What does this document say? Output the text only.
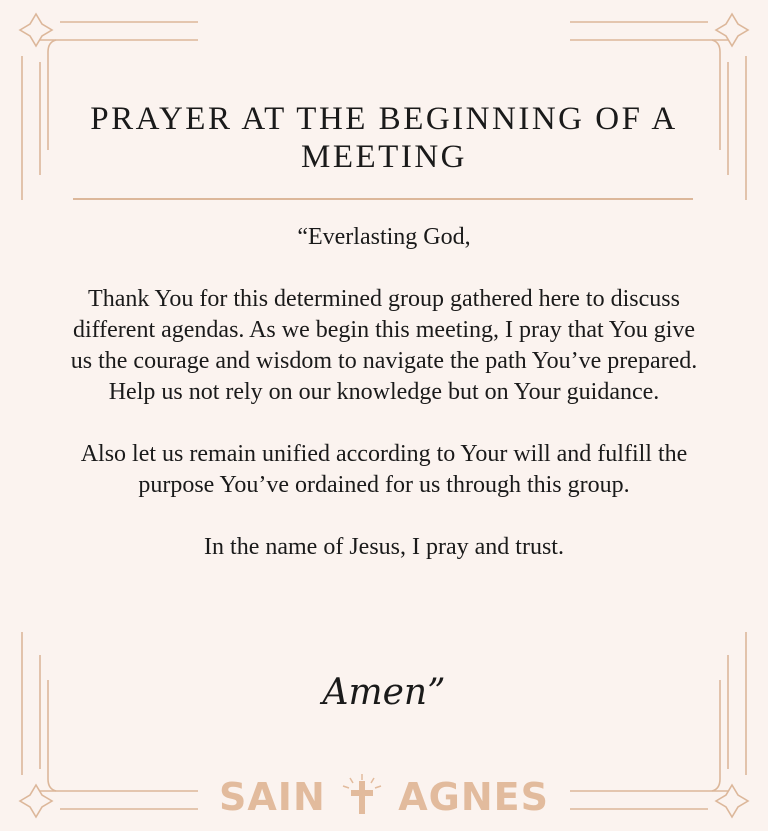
PRAYER AT THE BEGINNING OF A MEETING

“Everlasting God,

Thank You for this determined group gathered here to discuss different agendas. As we begin this meeting, I pray that You give us the courage and wisdom to navigate the path You’ve prepared. Help us not rely on our knowledge but on Your guidance.

Also let us remain unified according to Your will and fulfill the purpose You’ve ordained for us through this group.

In the name of Jesus, I pray and trust.

Amen”
SAIN AGNES
